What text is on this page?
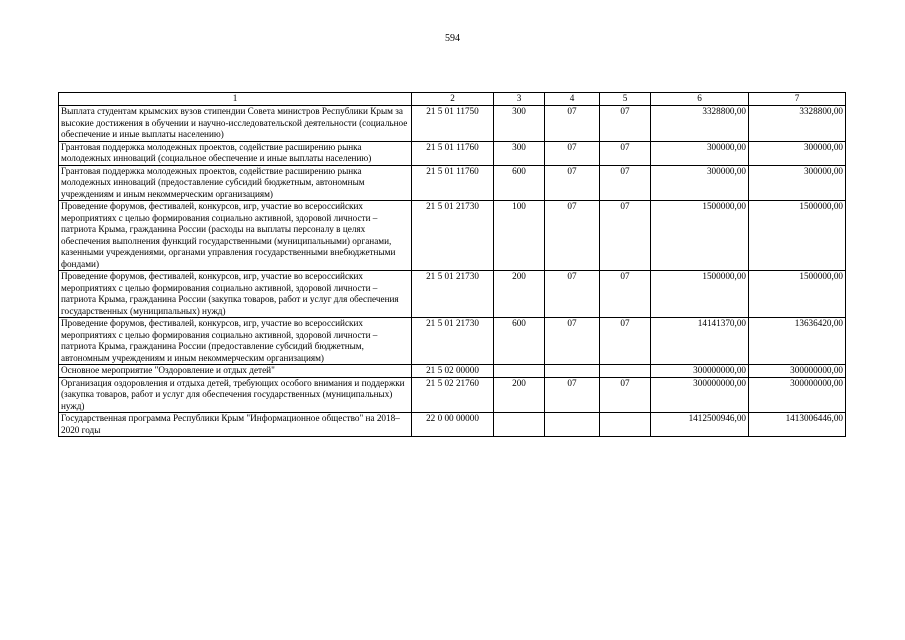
594
1	2	3	4	5	6	7
Выплата студентам крымских вузов стипендии Совета министров Республики Крым за высокие достижения в обучении и научно-исследовательской деятельности (социальное обеспечение и иные выплаты населению)	21 5 01 11750	300	07	07	3328800,00	3328800,00
Грантовая поддержка молодежных проектов, содействие расширению рынка молодежных инноваций (социальное обеспечение и иные выплаты населению)	21 5 01 11760	300	07	07	300000,00	300000,00
Грантовая поддержка молодежных проектов, содействие расширению рынка молодежных инноваций (предоставление субсидий бюджетным, автономным учреждениям и иным некоммерческим организациям)	21 5 01 11760	600	07	07	300000,00	300000,00
Проведение форумов, фестивалей, конкурсов, игр, участие во всероссийских мероприятиях с целью формирования социально активной, здоровой личности – патриота Крыма, гражданина России (расходы на выплаты персоналу в целях обеспечения выполнения функций государственными (муниципальными) органами, казенными учреждениями, органами управления государственными внебюджетными фондами)	21 5 01 21730	100	07	07	1500000,00	1500000,00
Проведение форумов, фестивалей, конкурсов, игр, участие во всероссийских мероприятиях с целью формирования социально активной, здоровой личности – патриота Крыма, гражданина России (закупка товаров, работ и услуг для обеспечения государственных (муниципальных) нужд)	21 5 01 21730	200	07	07	1500000,00	1500000,00
Проведение форумов, фестивалей, конкурсов, игр, участие во всероссийских мероприятиях с целью формирования социально активной, здоровой личности – патриота Крыма, гражданина России (предоставление субсидий бюджетным, автономным учреждениям и иным некоммерческим организациям)	21 5 01 21730	600	07	07	14141370,00	13636420,00
Основное мероприятие "Оздоровление и отдых детей"	21 5 02 00000				300000000,00	300000000,00
Организация оздоровления и отдыха детей, требующих особого внимания и поддержки (закупка товаров, работ и услуг для обеспечения государственных (муниципальных) нужд)	21 5 02 21760	200	07	07	300000000,00	300000000,00
Государственная программа Республики Крым "Информационное общество" на 2018–2020 годы	22 0 00 00000				1412500946,00	1413006446,00
